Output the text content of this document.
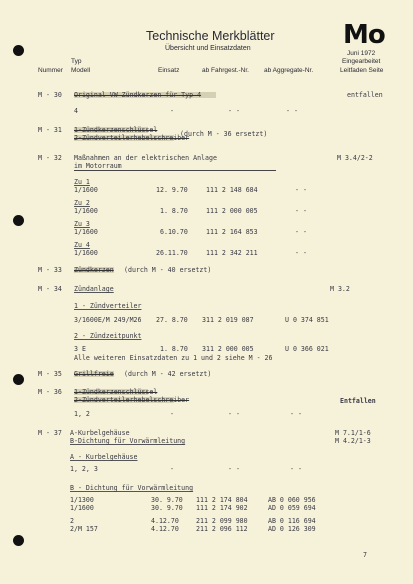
Technische Merkblätter
Übersicht und Einsatzdaten	Mo
Juni 1972
Typ	Eingearbeitet
Nummer Modell	Einsatz	ab Fahrgest.-Nr. ab Aggregate-Nr.	Leitfaden Seite
M - 30 Original VW Zündkerzen für Typ 4	entfallen
4	-	- -	- -
M - 31 1-Zündkerzenschlüssel
2-Zündverteilerhebelschreiber
(durch M - 36 ersetzt)
M - 32 Maßnahmen an der elektrischen Anlage
im Motorraum
M 3.4/2-2
Zu 1
1/1600	12. 9.70	111 2 148 684	- -
Zu 2
1/1600	1. 8.70	111 2 000 005	- -
Zu 3
1/1600	6.10.70	111 2 164 853	- -
Zu 4
1/1600	26.11.70	111 2 342 211	- -
M - 33 Zündkerzen (durch M - 40 ersetzt)
M - 34 Zündanlage	M 3.2
1 - Zündverteiler
3/1600E/M 249/M26 27. 8.70 311 2 019 087	U 0 374 851
2 - Zündzeitpunkt
3 E	1. 8.70 311 2 000 005	U 0 366 021
Alle weiteren Einsatzdaten zu 1 und 2 siehe M - 26
M - 35 Grillfreie (durch M - 42 ersetzt)
M - 36 1-Zündkerzenschlüssel
2-Zündverteilerhebelschreiber	Entfallen
1, 2	-	- -	- -
M - 37 A-Kurbelgehäuse
B-Dichtung für Vorwärmleitung
M 7.1/1-6
M 4.2/1-3
A - Kurbelgehäuse
1, 2, 3	-	- -	- -
B - Dichtung für Vorwärmleitung
1/1300	30. 9.70 111 2 174 804	AB 0 060 956
1/1600	30. 9.70 111 2 174 902	AD 0 059 694
2	4.12.70	211 2 099 980	AB 0 116 694
2/M 157	4.12.70	211 2 096 112	AD 0 126 309
7
